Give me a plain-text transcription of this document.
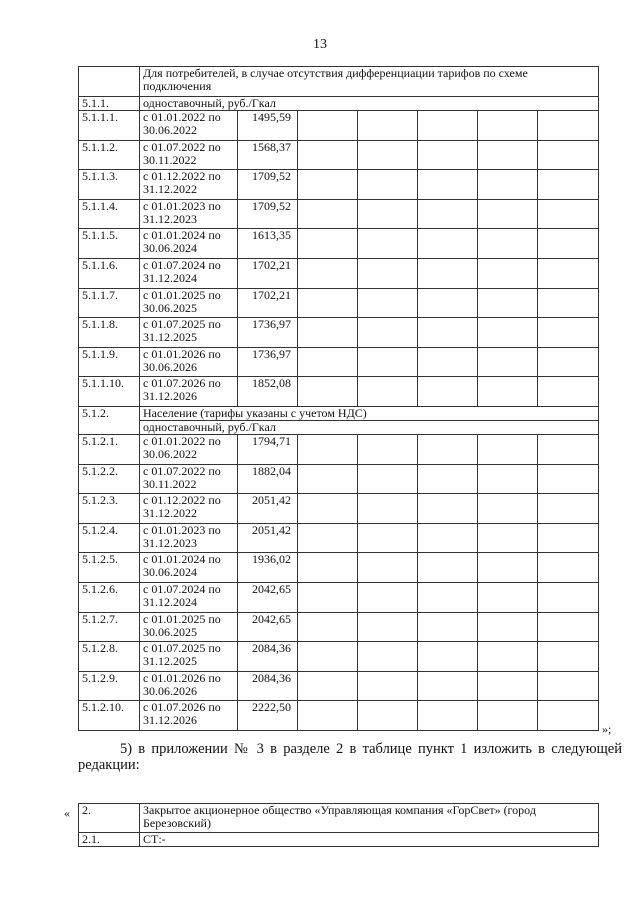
13
	Для потребителей, в случае отсутствия дифференциации тарифов по схеме подключения						
5.1.1.	одноставочный, руб./Гкал						
5.1.1.1.	с 01.01.2022 по 30.06.2022	1495,59					
5.1.1.2.	с 01.07.2022 по 30.11.2022	1568,37					
5.1.1.3.	с 01.12.2022 по 31.12.2022	1709,52					
5.1.1.4.	с 01.01.2023 по 31.12.2023	1709,52					
5.1.1.5.	с 01.01.2024 по 30.06.2024	1613,35					
5.1.1.6.	с 01.07.2024 по 31.12.2024	1702,21					
5.1.1.7.	с 01.01.2025 по 30.06.2025	1702,21					
5.1.1.8.	с 01.07.2025 по 31.12.2025	1736,97					
5.1.1.9.	с 01.01.2026 по 30.06.2026	1736,97					
5.1.1.10.	с 01.07.2026 по 31.12.2026	1852,08					
5.1.2.	Население (тарифы указаны с учетом НДС)						
	одноставочный, руб./Гкал						
5.1.2.1.	с 01.01.2022 по 30.06.2022	1794,71					
5.1.2.2.	с 01.07.2022 по 30.11.2022	1882,04					
5.1.2.3.	с 01.12.2022 по 31.12.2022	2051,42					
5.1.2.4.	с 01.01.2023 по 31.12.2023	2051,42					
5.1.2.5.	с 01.01.2024 по 30.06.2024	1936,02					
5.1.2.6.	с 01.07.2024 по 31.12.2024	2042,65					
5.1.2.7.	с 01.01.2025 по 30.06.2025	2042,65					
5.1.2.8.	с 01.07.2025 по 31.12.2025	2084,36					
5.1.2.9.	с 01.01.2026 по 30.06.2026	2084,36					
5.1.2.10.	с 01.07.2026 по 31.12.2026	2222,50					
»;
5) в приложении № 3 в разделе 2 в таблице пункт 1 изложить в следующей редакции:
« 2.	Закрытое акционерное общество «Управляющая компания «ГорСвет» (город Березовский)
2.1.	СТ:-
